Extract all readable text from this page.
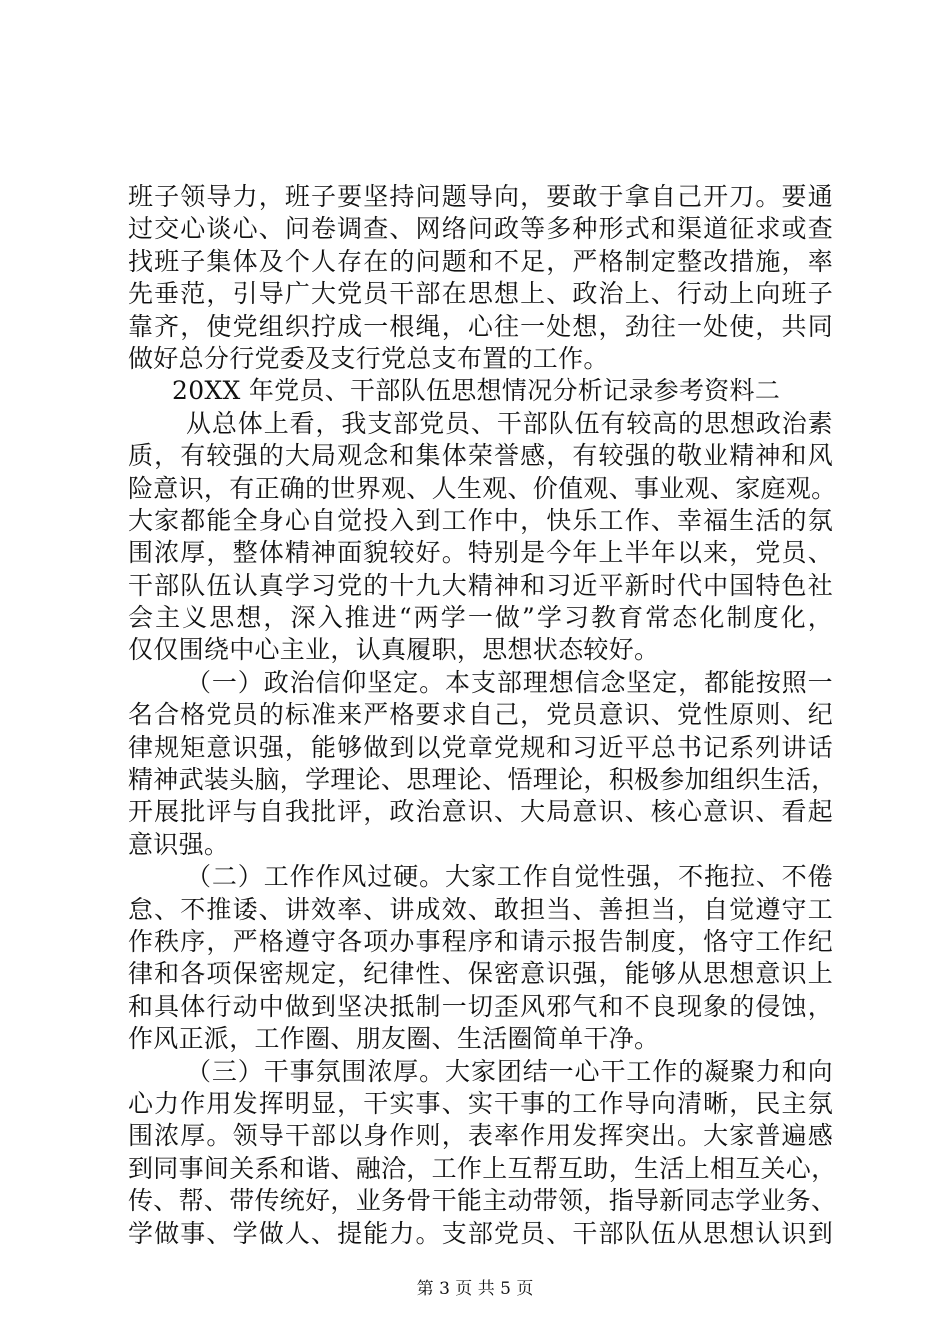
班子领导力，班子要坚持问题导向，要敢于拿自己开刀。要通
过交心谈心、问卷调查、网络问政等多种形式和渠道征求或查
找班子集体及个人存在的问题和不足，严格制定整改措施，率
先垂范，引导广大党员干部在思想上、政治上、行动上向班子
靠齐，使党组织拧成一根绳，心往一处想，劲往一处使，共同
做好总分行党委及支行党总支布置的工作。
20XX 年党员、干部队伍思想情况分析记录参考资料二
从总体上看，我支部党员、干部队伍有较高的思想政治素
质，有较强的大局观念和集体荣誉感，有较强的敬业精神和风
险意识，有正确的世界观、人生观、价值观、事业观、家庭观。
大家都能全身心自觉投入到工作中，快乐工作、幸福生活的氛
围浓厚，整体精神面貌较好。特别是今年上半年以来，党员、
干部队伍认真学习党的十九大精神和习近平新时代中国特色社
会主义思想，深入推进“两学一做”学习教育常态化制度化，
仅仅围绕中心主业，认真履职，思想状态较好。
（一）政治信仰坚定。本支部理想信念坚定，都能按照一
名合格党员的标准来严格要求自己，党员意识、党性原则、纪
律规矩意识强，能够做到以党章党规和习近平总书记系列讲话
精神武装头脑，学理论、思理论、悟理论，积极参加组织生活，
开展批评与自我批评，政治意识、大局意识、核心意识、看起
意识强。
（二）工作作风过硬。大家工作自觉性强，不拖拉、不倦
怠、不推诿、讲效率、讲成效、敢担当、善担当，自觉遵守工
作秩序，严格遵守各项办事程序和请示报告制度，恪守工作纪
律和各项保密规定，纪律性、保密意识强，能够从思想意识上
和具体行动中做到坚决抵制一切歪风邪气和不良现象的侵蚀，
作风正派，工作圈、朋友圈、生活圈简单干净。
（三）干事氛围浓厚。大家团结一心干工作的凝聚力和向
心力作用发挥明显，干实事、实干事的工作导向清晰，民主氛
围浓厚。领导干部以身作则，表率作用发挥突出。大家普遍感
到同事间关系和谐、融洽，工作上互帮互助，生活上相互关心，
传、帮、带传统好，业务骨干能主动带领，指导新同志学业务、
学做事、学做人、提能力。支部党员、干部队伍从思想认识到
第 3 页 共 5 页
